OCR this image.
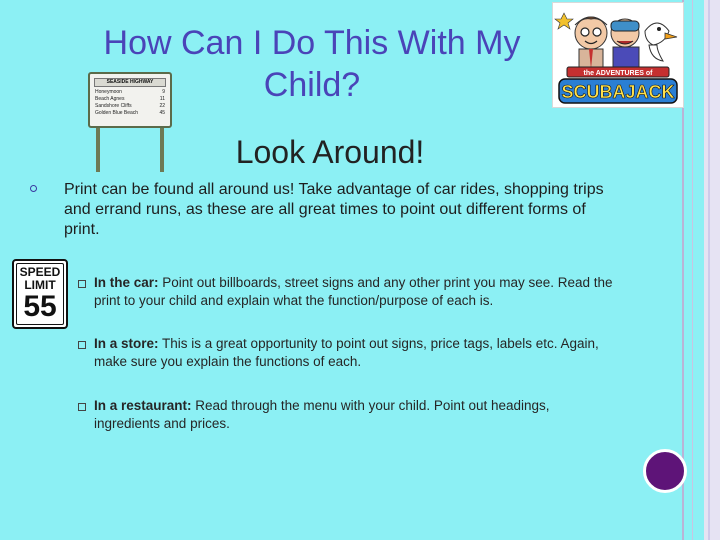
How Can I Do This With My Child?
SEASIDE HIGHWAY
Honeymoon	9
Beach Agnes	11
Sandshore Cliffs	22
Golden Blue Beach	45
the ADVENTURES of
SCUBAJACK
Look Around!
Print can be found all around us! Take advantage of car rides, shopping trips and errand runs, as these are all great times to point out different forms of print.
SPEED
LIMIT
55
In the car: Point out billboards, street signs and any other print you may see. Read the print to your child and explain what the function/purpose of each is.
In a store: This is a great opportunity to point out signs, price tags, labels etc. Again, make sure you explain the functions of each.
In a restaurant: Read through the menu with your child. Point out headings, ingredients and prices.
